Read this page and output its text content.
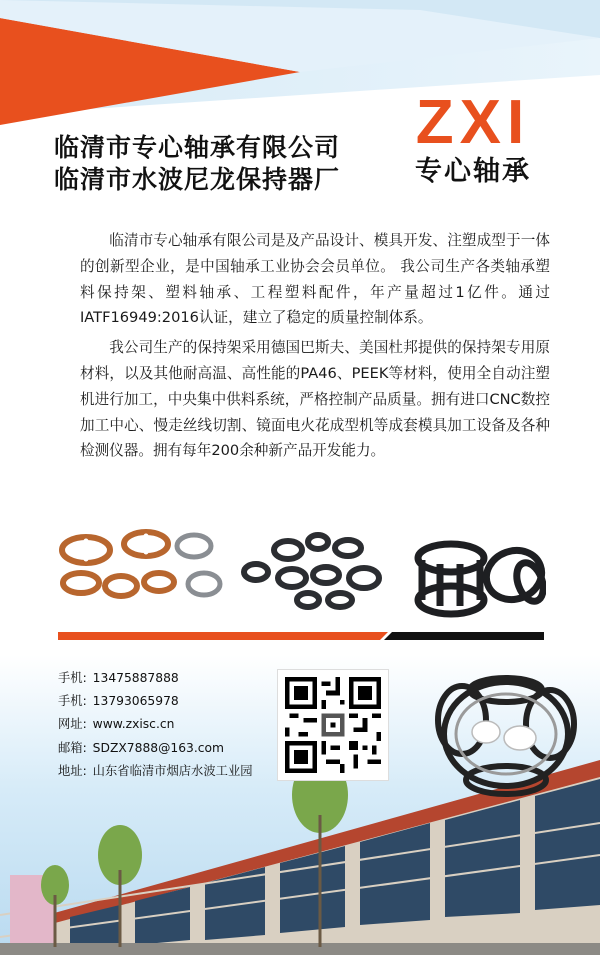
临清市专心轴承有限公司
临清市水波尼龙保持器厂
ZXI
专心轴承

临清市专心轴承有限公司是及产品设计、模具开发、注塑成型于一体的创新型企业，是中国轴承工业协会会员单位。 我公司生产各类轴承塑料保持架、塑料轴承、工程塑料配件，年产量超过1亿件。通过IATF16949:2016认证，建立了稳定的质量控制体系。

我公司生产的保持架采用德国巴斯夫、美国杜邦提供的保持架专用原材料，以及其他耐高温、高性能的PA46、PEEK等材料，使用全自动注塑机进行加工，中央集中供料系统，严格控制产品质量。拥有进口CNC数控加工中心、慢走丝线切割、镜面电火花成型机等成套模具加工设备及各种检测仪器。拥有每年200余种新产品开发能力。

手机: 13475887888
手机: 13793065978
网址: www.zxisc.cn
邮箱: SDZX7888@163.com
地址: 山东省临清市烟店水波工业园
